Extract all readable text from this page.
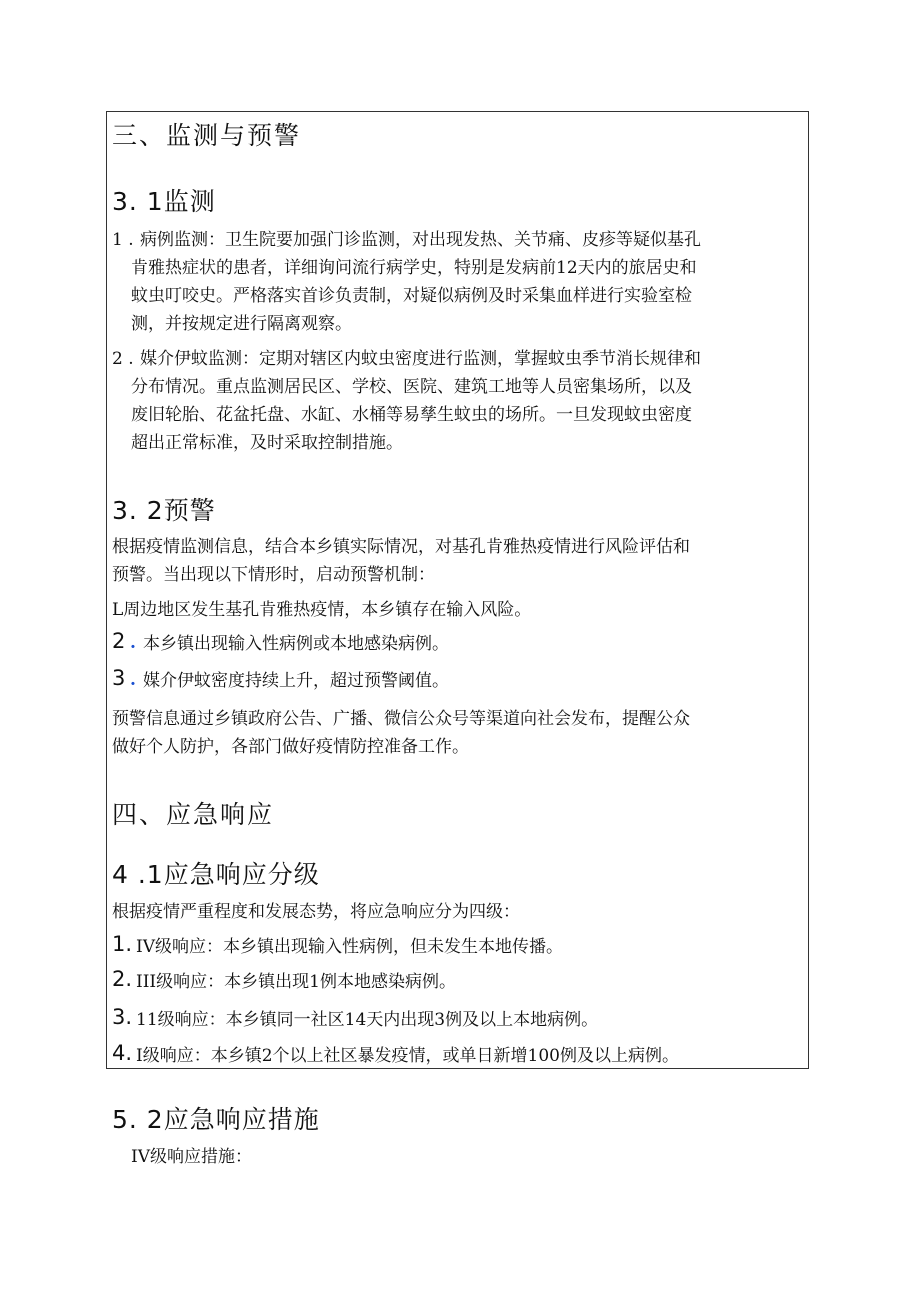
三、监测与预警
3. 1监测
1 . 病例监测：卫生院要加强门诊监测，对出现发热、关节痛、皮疹等疑似基孔
肯雅热症状的患者，详细询问流行病学史，特别是发病前12天内的旅居史和
蚊虫叮咬史。严格落实首诊负责制，对疑似病例及时采集血样进行实验室检
测，并按规定进行隔离观察。
2 . 媒介伊蚊监测：定期对辖区内蚊虫密度进行监测，掌握蚊虫季节消长规律和
分布情况。重点监测居民区、学校、医院、建筑工地等人员密集场所，以及
废旧轮胎、花盆托盘、水缸、水桶等易孳生蚊虫的场所。一旦发现蚊虫密度
超出正常标准，及时采取控制措施。
3. 2预警
根据疫情监测信息，结合本乡镇实际情况，对基孔肯雅热疫情进行风险评估和
预警。当出现以下情形时，启动预警机制：
L周边地区发生基孔肯雅热疫情，本乡镇存在输入风险。
2 . 本乡镇出现输入性病例或本地感染病例。
3 . 媒介伊蚊密度持续上升，超过预警阈值。
预警信息通过乡镇政府公告、广播、微信公众号等渠道向社会发布，提醒公众
做好个人防护，各部门做好疫情防控准备工作。
四、应急响应
4 .1应急响应分级
根据疫情严重程度和发展态势，将应急响应分为四级：
1. IV级响应：本乡镇出现输入性病例，但未发生本地传播。
2. III级响应：本乡镇出现1例本地感染病例。
3. 11级响应：本乡镇同一社区14天内出现3例及以上本地病例。
4. I级响应：本乡镇2个以上社区暴发疫情，或单日新增100例及以上病例。
5. 2应急响应措施
IV级响应措施：
